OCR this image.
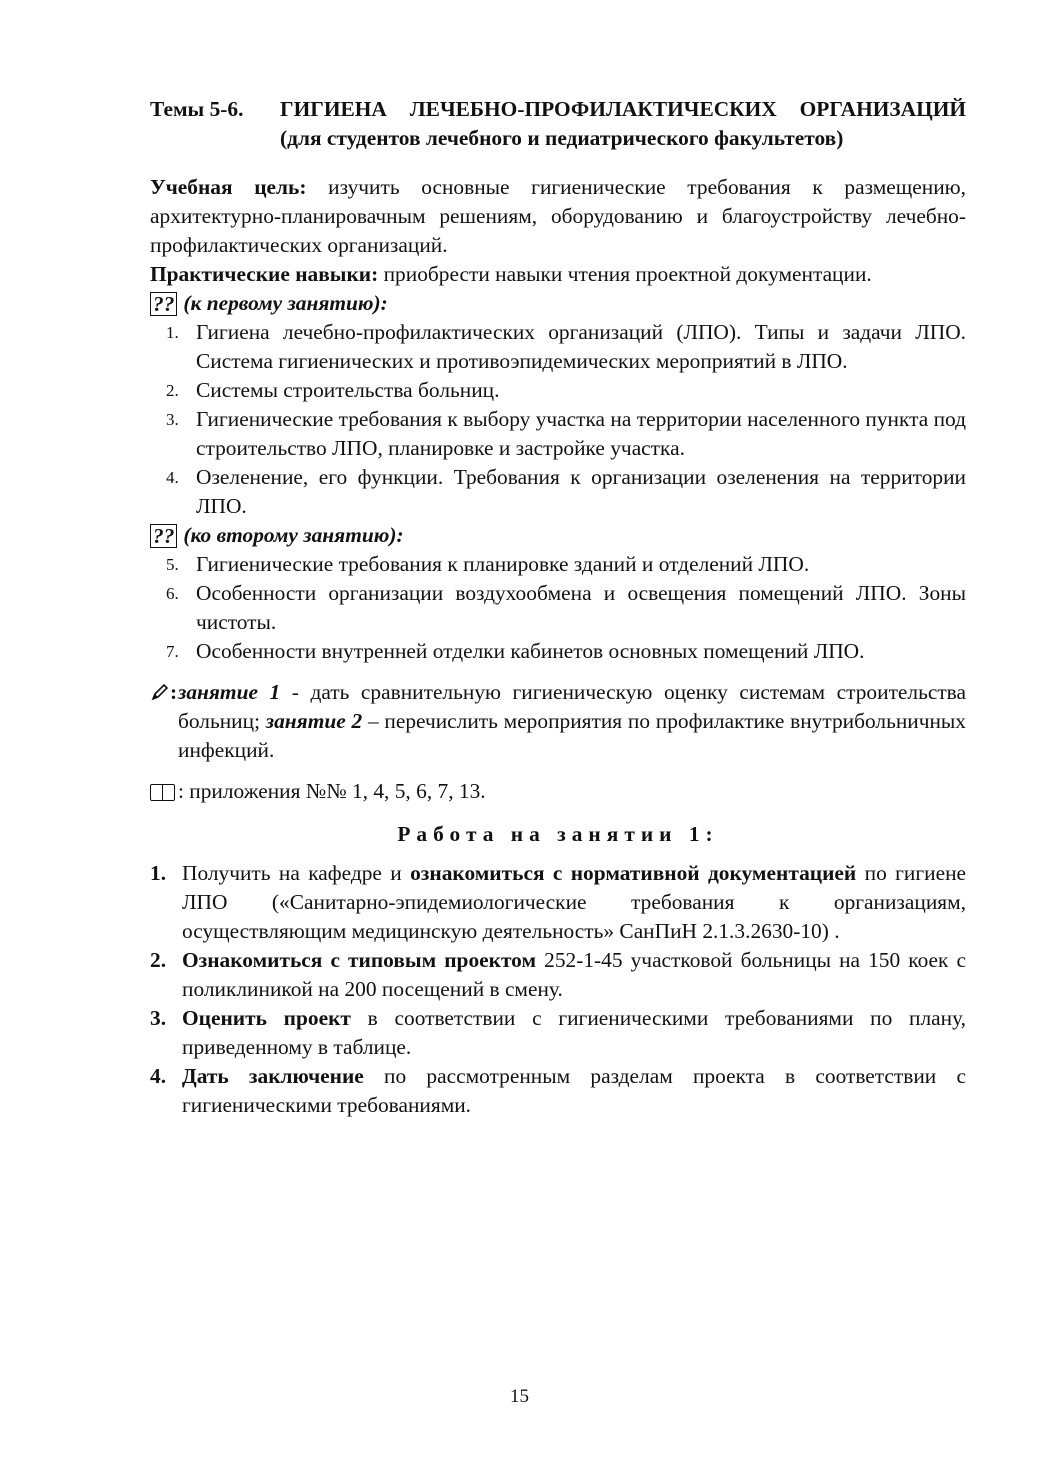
Темы 5-6.	ГИГИЕНА ЛЕЧЕБНО-ПРОФИЛАКТИЧЕСКИХ ОРГАНИЗАЦИЙ (для студентов лечебного и педиатрического факультетов)

Учебная цель: изучить основные гигиенические требования к размещению, архитектурно-планировачным решениям, оборудованию и благоустройству лечебно-профилактических организаций.

Практические навыки: приобрести навыки чтения проектной документации.

?? (к первому занятию):
1. Гигиена лечебно-профилактических организаций (ЛПО). Типы и задачи ЛПО. Система гигиенических и противоэпидемических мероприятий в ЛПО.
2. Системы строительства больниц.
3. Гигиенические требования к выбору участка на территории населенного пункта под строительство ЛПО, планировке и застройке участка.
4. Озеленение, его функции. Требования к организации озеленения на территории ЛПО.
?? (ко второму занятию):
5. Гигиенические требования к планировке зданий и отделений ЛПО.
6. Особенности организации воздухообмена и освещения помещений ЛПО. Зоны чистоты.
7. Особенности внутренней отделки кабинетов основных помещений ЛПО.
: занятие 1 - дать сравнительную гигиеническую оценку системам строительства больниц; занятие 2 – перечислить мероприятия по профилактике внутрибольничных инфекций.
: приложения №№ 1, 4, 5, 6, 7, 13.
Работа на занятии 1:
1. Получить на кафедре и ознакомиться с нормативной документацией по гигиене ЛПО («Санитарно-эпидемиологические требования к организациям, осуществляющим медицинскую деятельность» СанПиН 2.1.3.2630-10) .
2. Ознакомиться с типовым проектом 252-1-45 участковой больницы на 150 коек с поликлиникой на 200 посещений в смену.
3. Оценить проект в соответствии с гигиеническими требованиями по плану, приведенному в таблице.
4. Дать заключение по рассмотренным разделам проекта в соответствии с гигиеническими требованиями.
15
